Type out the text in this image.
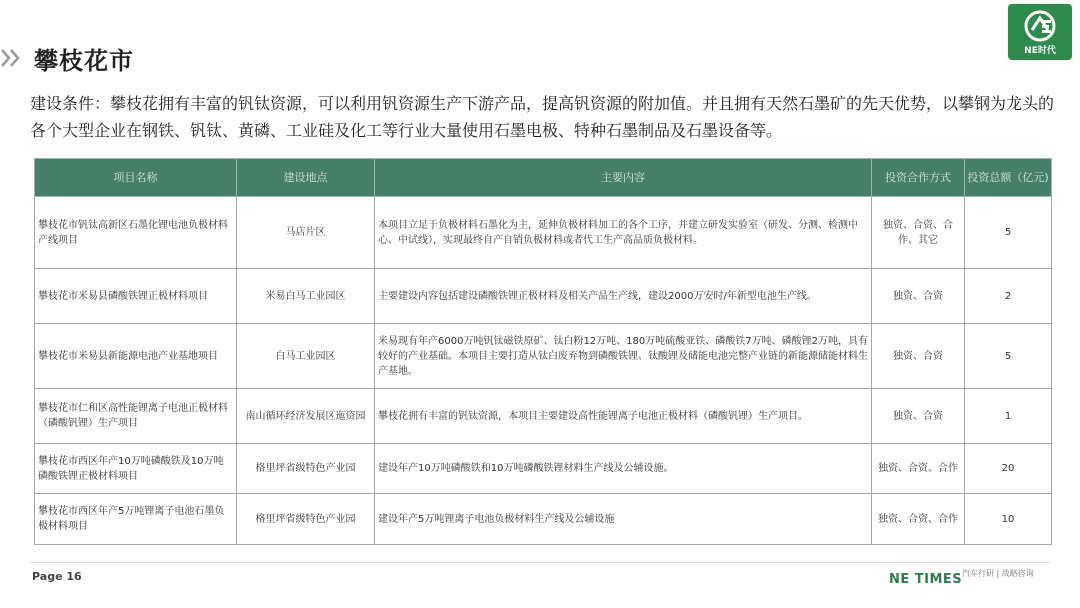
攀枝花市	NE时代
建设条件：攀枝花拥有丰富的钒钛资源，可以利用钒资源生产下游产品，提高钒资源的附加值。并且拥有天然石墨矿的先天优势，以攀钢为龙头的各个大型企业在钢铁、钒钛、黄磷、工业硅及化工等行业大量使用石墨电极、特种石墨制品及石墨设备等。
项目名称	建设地点	主要内容	投资合作方式	投资总额（亿元)
攀枝花市钒钛高新区石墨化锂电池负极材料产线项目	马店片区	本项目立足于负极材料石墨化为主，延伸负极材料加工的各个工序，并建立研发实验室（研发、分测、检测中心、中试线），实现最终自产自销负极材料或者代工生产高品质负极材料。	独资、合资、合作、其它	5
攀枝花市米易县磷酸铁锂正极材料项目	米易白马工业园区	主要建设内容包括建设磷酸铁锂正极材料及相关产品生产线，建设2000万安时/年新型电池生产线。	独资、合资	2
攀枝花市米易县新能源电池产业基地项目	白马工业园区	米易现有年产6000万吨钒钛磁铁原矿、钛白粉12万吨、180万吨硫酸亚铁、磷酸铁7万吨、磷酸锂2万吨，具有较好的产业基础。本项目主要打造从钛白废弃物到磷酸铁锂、钛酸锂及储能电池完整产业链的新能源储能材料生产基地。	独资、合资	5
攀枝花市仁和区高性能锂离子电池正极材料（磷酸钒锂）生产项目	南山循环经济发展区迤资园	攀枝花拥有丰富的钒钛资源，本项目主要建设高性能锂离子电池正极材料（磷酸钒锂）生产项目。	独资、合资	1
攀枝花市西区年产10万吨磷酸铁及10万吨磷酸铁锂正极材料项目	格里坪省级特色产业园	建设年产10万吨磷酸铁和10万吨磷酸铁锂材料生产线及公辅设施。	独资、合资、合作	20
攀枝花市西区年产5万吨锂离子电池石墨负极材料项目	格里坪省级特色产业园	建设年产5万吨锂离子电池负极材料生产线及公辅设施	独资、合资、合作	10
Page 16	NE TIMES 汽车行研 | 战略咨询
